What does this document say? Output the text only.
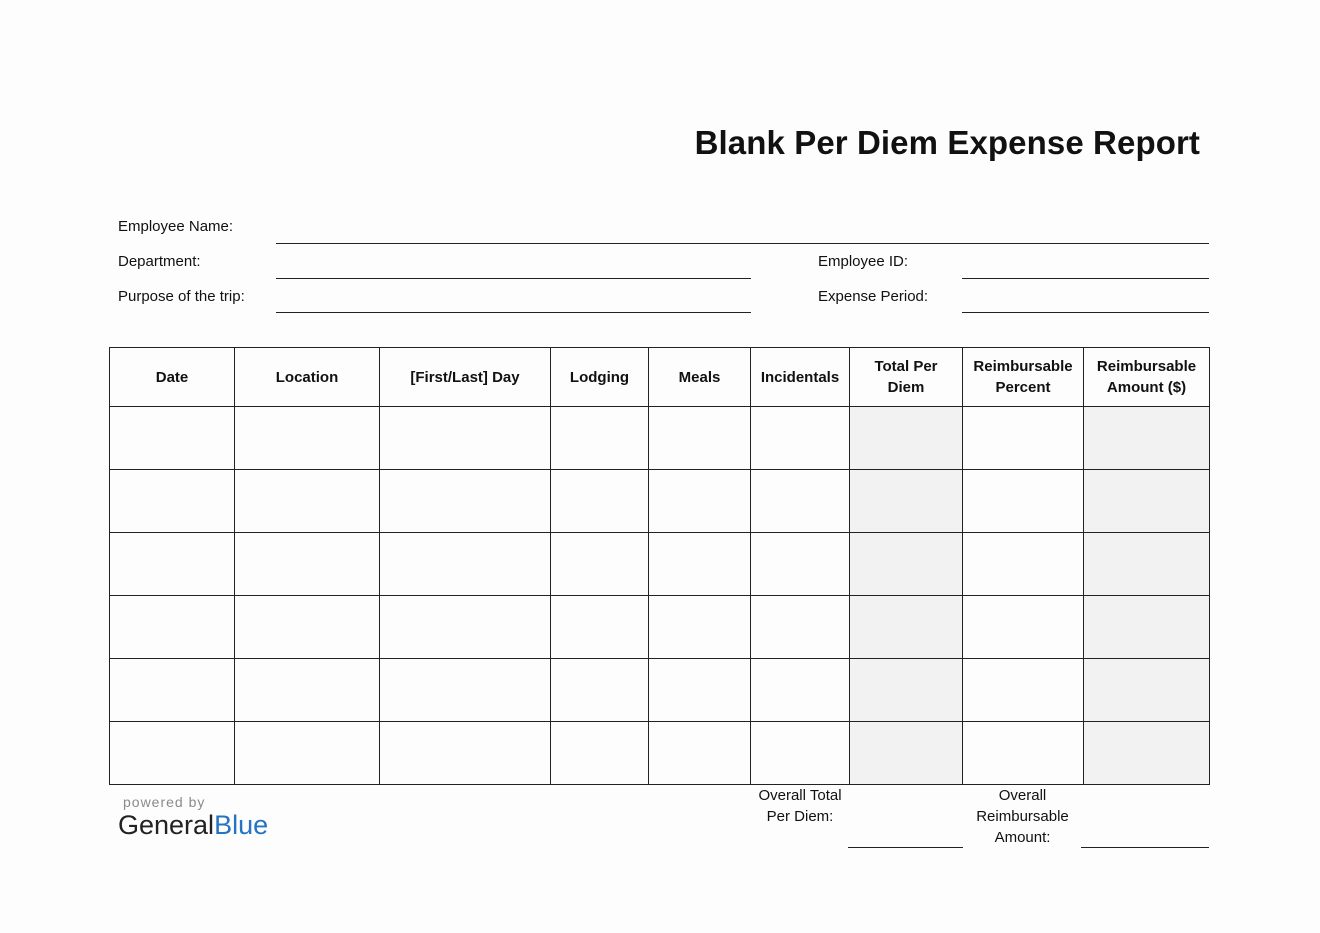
Blank Per Diem Expense Report
Employee Name:
Department:	Employee ID:
Purpose of the trip:	Expense Period:
Date	Location	[First/Last] Day	Lodging	Meals	Incidentals	Total Per Diem	Reimbursable Percent	Reimbursable Amount ($)

Overall Total Per Diem:
Overall Reimbursable Amount:
powered by
GeneralBlue
